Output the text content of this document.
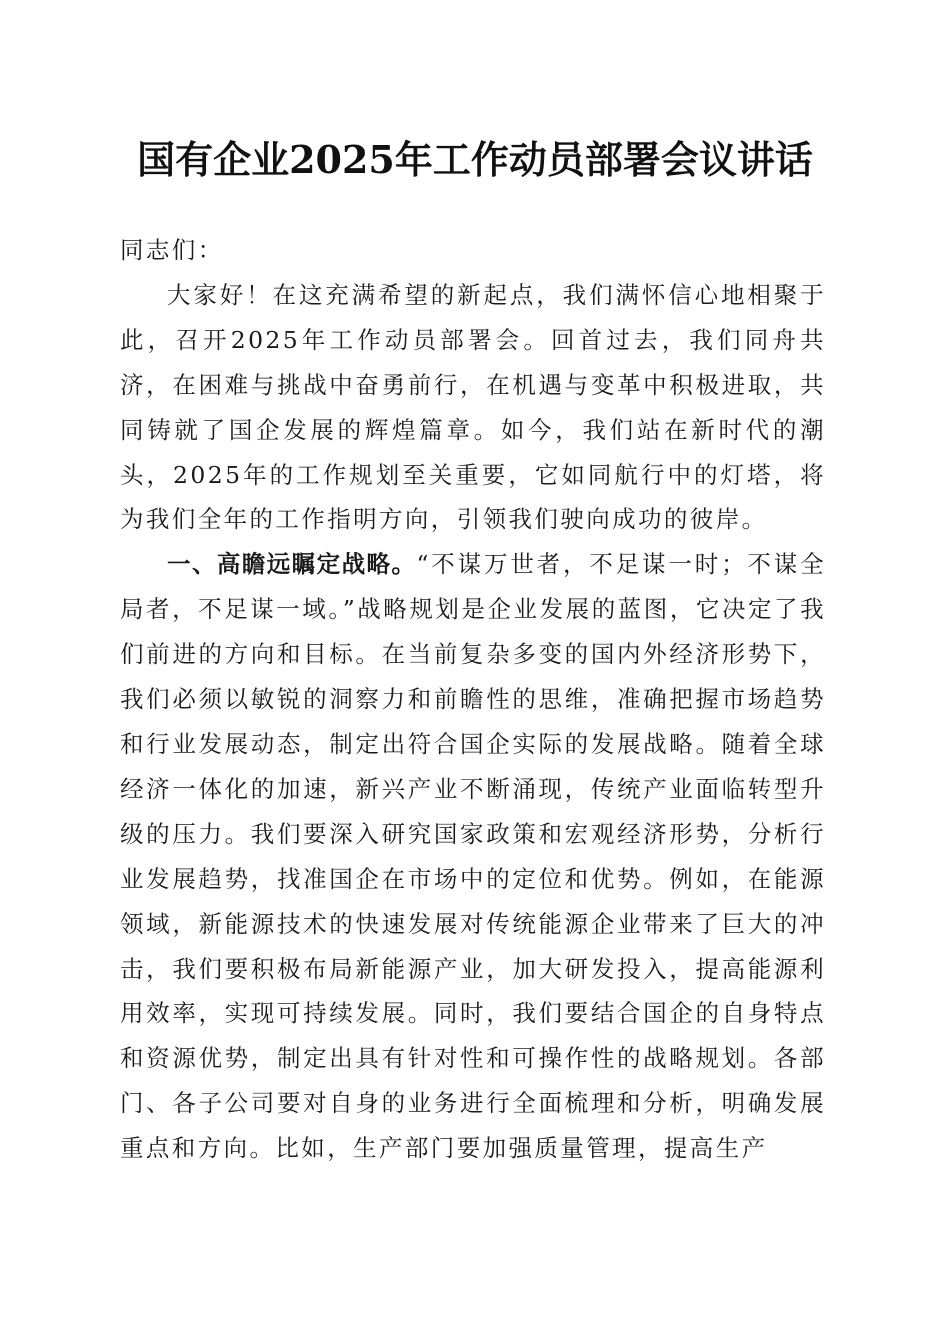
国有企业2025年工作动员部署会议讲话

同志们：

大家好！在这充满希望的新起点，我们满怀信心地相聚于此，召开2025年工作动员部署会。回首过去，我们同舟共济，在困难与挑战中奋勇前行，在机遇与变革中积极进取，共同铸就了国企发展的辉煌篇章。如今，我们站在新时代的潮头，2025年的工作规划至关重要，它如同航行中的灯塔，将为我们全年的工作指明方向，引领我们驶向成功的彼岸。

一、高瞻远瞩定战略。“不谋万世者，不足谋一时；不谋全局者，不足谋一域。”战略规划是企业发展的蓝图，它决定了我们前进的方向和目标。在当前复杂多变的国内外经济形势下，我们必须以敏锐的洞察力和前瞻性的思维，准确把握市场趋势和行业发展动态，制定出符合国企实际的发展战略。随着全球经济一体化的加速，新兴产业不断涌现，传统产业面临转型升级的压力。我们要深入研究国家政策和宏观经济形势，分析行业发展趋势，找准国企在市场中的定位和优势。例如，在能源领域，新能源技术的快速发展对传统能源企业带来了巨大的冲击，我们要积极布局新能源产业，加大研发投入，提高能源利用效率，实现可持续发展。同时，我们要结合国企的自身特点和资源优势，制定出具有针对性和可操作性的战略规划。各部门、各子公司要对自身的业务进行全面梳理和分析，明确发展重点和方向。比如，生产部门要加强质量管理，提高生产
